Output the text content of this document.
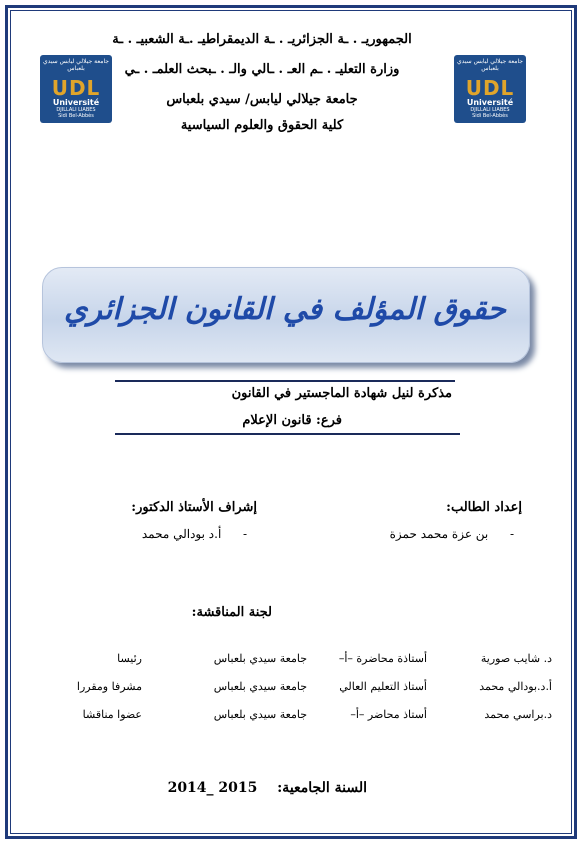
جامعة جيلالي ليابس سيدي بلعباس
UDL
Université
DJILLALI LIABES
Sidi Bel-Abbès
جامعة جيلالي ليابس سيدي بلعباس
UDL
Université
DJILLALI LIABES
Sidi Bel-Abbès
الجمهوريـ . ـة الجزائريـ . ـة الديمقراطيـ .ـة الشعبيـ . ـة
وزارة التعليـ . ـم العـ . ـالي والـ . ـبحث العلمـ . ـي
جامعة جيلالي ليابس/ سيدي بلعباس
كلية الحقوق والعلوم السياسية
حقوق المؤلف في القانون الجزائري
مذكرة لنيل شهادة الماجستير في القانون
فرع: قانون الإعلام
إعداد الطالب:
-  بن عزة محمد حمزة
إشراف الأستاذ الدكتور:
-  أ.د بودالي محمد
لجنة المناقشة:
د. شايب صورية
أستاذة محاضرة –أ–
جامعة سيدي بلعباس
رئيسا
أ.د.بودالي محمد
أستاذ التعليم العالي
جامعة سيدي بلعباس
مشرفا ومقررا
د.براسي محمد
أستاذ محاضر –أ–
جامعة سيدي بلعباس
عضوا مناقشا
السنة الجامعية:  2014_ 2015
